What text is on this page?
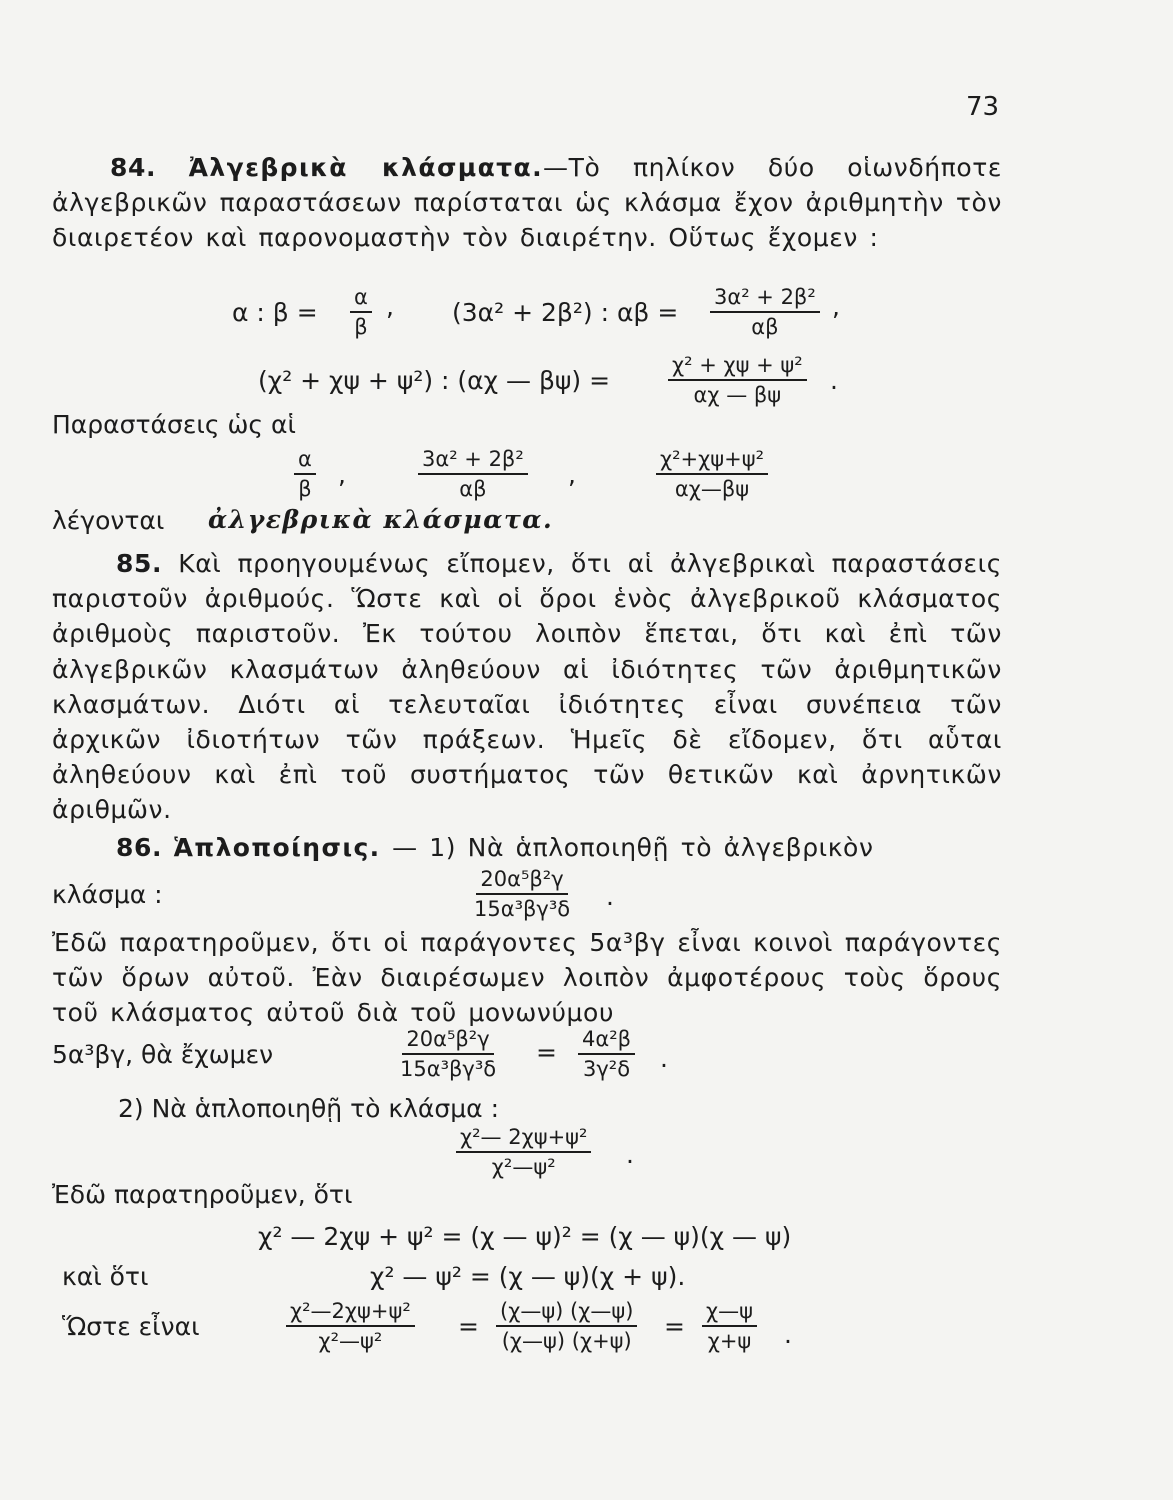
73
84. Ἀλγεβρικὰ κλάσματα.—Τὸ πηλίκον δύο οἱωνδήποτε ἀλγεβρικῶν παραστάσεων παρίσταται ὡς κλάσμα ἔχον ἀριθμητὴν τὸν διαιρετέον καὶ παρονομαστὴν τὸν διαιρέτην. Οὕτως ἔχομεν :
α : $\beta = \frac{\alpha}{\beta}$ , (3α² + 2β²) : $\alpha\beta = \frac{\text{3α² + 2β²}}{\alpha\beta}$ ,
(χ² + χψ + ψ²) : (αχ — βψ) =	$\frac{\text{χ² + χψ + ψ²}}{\alpha\chi — \beta\psi}$ .
Παραστάσεις ὡς αἱ
$\frac{\alpha}{\beta}$ ,	$\frac{\text{3α² + 2β²}}{\alpha\beta}$ ,	$\frac{\text{χ²+χψ+ψ²}}{\alpha\chi—\beta\psi}$
λέγονται ἀλγεβρικὰ κλάσματα.
85. Καὶ προηγουμένως εἴπομεν, ὅτι αἱ ἀλγεβρικαὶ παραστάσεις παριστοῦν ἀριθμούς. Ὥστε καὶ οἱ ὅροι ἑνὸς ἀλγεβρικοῦ κλάσματος ἀριθμοὺς παριστοῦν. Ἐκ τούτου λοιπὸν ἕπεται, ὅτι καὶ ἐπὶ τῶν ἀλγεβρικῶν κλασμάτων ἀληθεύουν αἱ ἰδιότητες τῶν ἀριθμητικῶν κλασμάτων. Διότι αἱ τελευταῖαι ἰδιότητες εἶναι συνέπεια τῶν ἀρχικῶν ἰδιοτήτων τῶν πράξεων. Ἡμεῖς δὲ εἴδομεν, ὅτι αὗται ἀληθεύουν καὶ ἐπὶ τοῦ συστήματος τῶν θετικῶν καὶ ἀρνητικῶν ἀριθμῶν.
86. Ἁπλοποίησις. — 1) Νὰ ἁπλοποιηθῇ τὸ ἀλγεβρικὸν
κλάσμα :	$\frac{\text{20α⁵β²γ}}{\text{15α³βγ³δ}}$ .
Ἐδῶ παρατηροῦμεν, ὅτι οἱ παράγοντες 5α³βγ εἶναι κοινοὶ παράγοντες τῶν ὅρων αὐτοῦ. Ἐὰν διαιρέσωμεν λοιπὸν ἀμφοτέρους τοὺς ὅρους τοῦ κλάσματος αὐτοῦ διὰ τοῦ μονωνύμου
5α³βγ, θὰ ἔχωμεν	$\frac{\text{20α⁵β²γ}}{\text{15α³βγ³δ}} = \frac{\text{4α²β}}{\text{3γ²δ}}$ .
2) Νὰ ἁπλοποιηθῇ τὸ κλάσμα :
$\frac{\text{χ²— 2χψ+ψ²}}{\text{χ²—ψ²}}$ .
Ἐδῶ παρατηροῦμεν, ὅτι
χ² — 2χψ + ψ² = (χ — ψ)² = (χ — ψ)(χ — ψ)
καὶ ὅτι	χ² — ψ² = (χ — ψ)(χ + ψ).
Ὥστε εἶναι	$\frac{\text{χ²—2χψ+ψ²}}{\text{χ²—ψ²}} = \frac{(\chi—\psi) (\chi—\psi)}{(\chi—\psi) (\chi+\psi)} = \frac{\chi—\psi}{\chi+\psi}$ .
